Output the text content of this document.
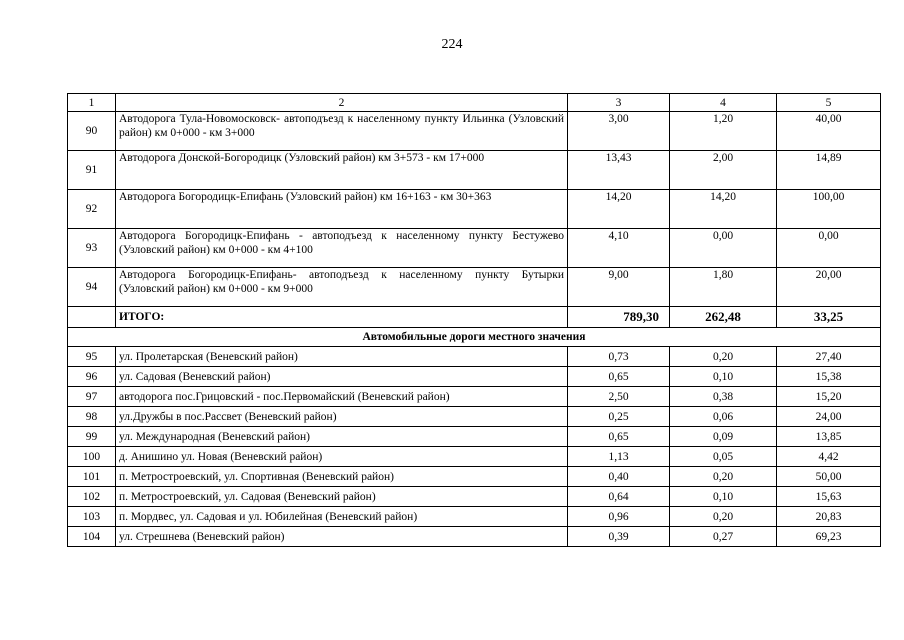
224
1	2	3	4	5
90	Автодорога Тула-Новомосковск- автоподъезд к населенному пункту Ильинка (Узловский район) км 0+000 - км 3+000	3,00	1,20	40,00
91	Автодорога Донской-Богородицк (Узловский район) км 3+573 - км 17+000	13,43	2,00	14,89
92	Автодорога Богородицк-Епифань (Узловский район) км 16+163 - км 30+363	14,20	14,20	100,00
93	Автодорога Богородицк-Епифань - автоподъезд к населенному пункту Бестужево (Узловский район) км 0+000 - км 4+100	4,10	0,00	0,00
94	Автодорога Богородицк-Епифань- автоподъезд к населенному пункту Бутырки (Узловский район) км 0+000 - км 9+000	9,00	1,80	20,00
	ИТОГО:	789,30	262,48	33,25
Автомобильные дороги местного значения				
95	ул. Пролетарская (Веневский район)	0,73	0,20	27,40
96	ул. Садовая (Веневский район)	0,65	0,10	15,38
97	автодорога пос.Грицовский - пос.Первомайский (Веневский район)	2,50	0,38	15,20
98	ул.Дружбы в пос.Рассвет (Веневский район)	0,25	0,06	24,00
99	ул. Международная (Веневский район)	0,65	0,09	13,85
100	д. Анишино ул. Новая (Веневский район)	1,13	0,05	4,42
101	п. Метростроевский, ул. Спортивная (Веневский район)	0,40	0,20	50,00
102	п. Метростроевский, ул. Садовая (Веневский район)	0,64	0,10	15,63
103	п. Мордвес, ул. Садовая и ул. Юбилейная (Веневский район)	0,96	0,20	20,83
104	ул. Стрешнева (Веневский район)	0,39	0,27	69,23
